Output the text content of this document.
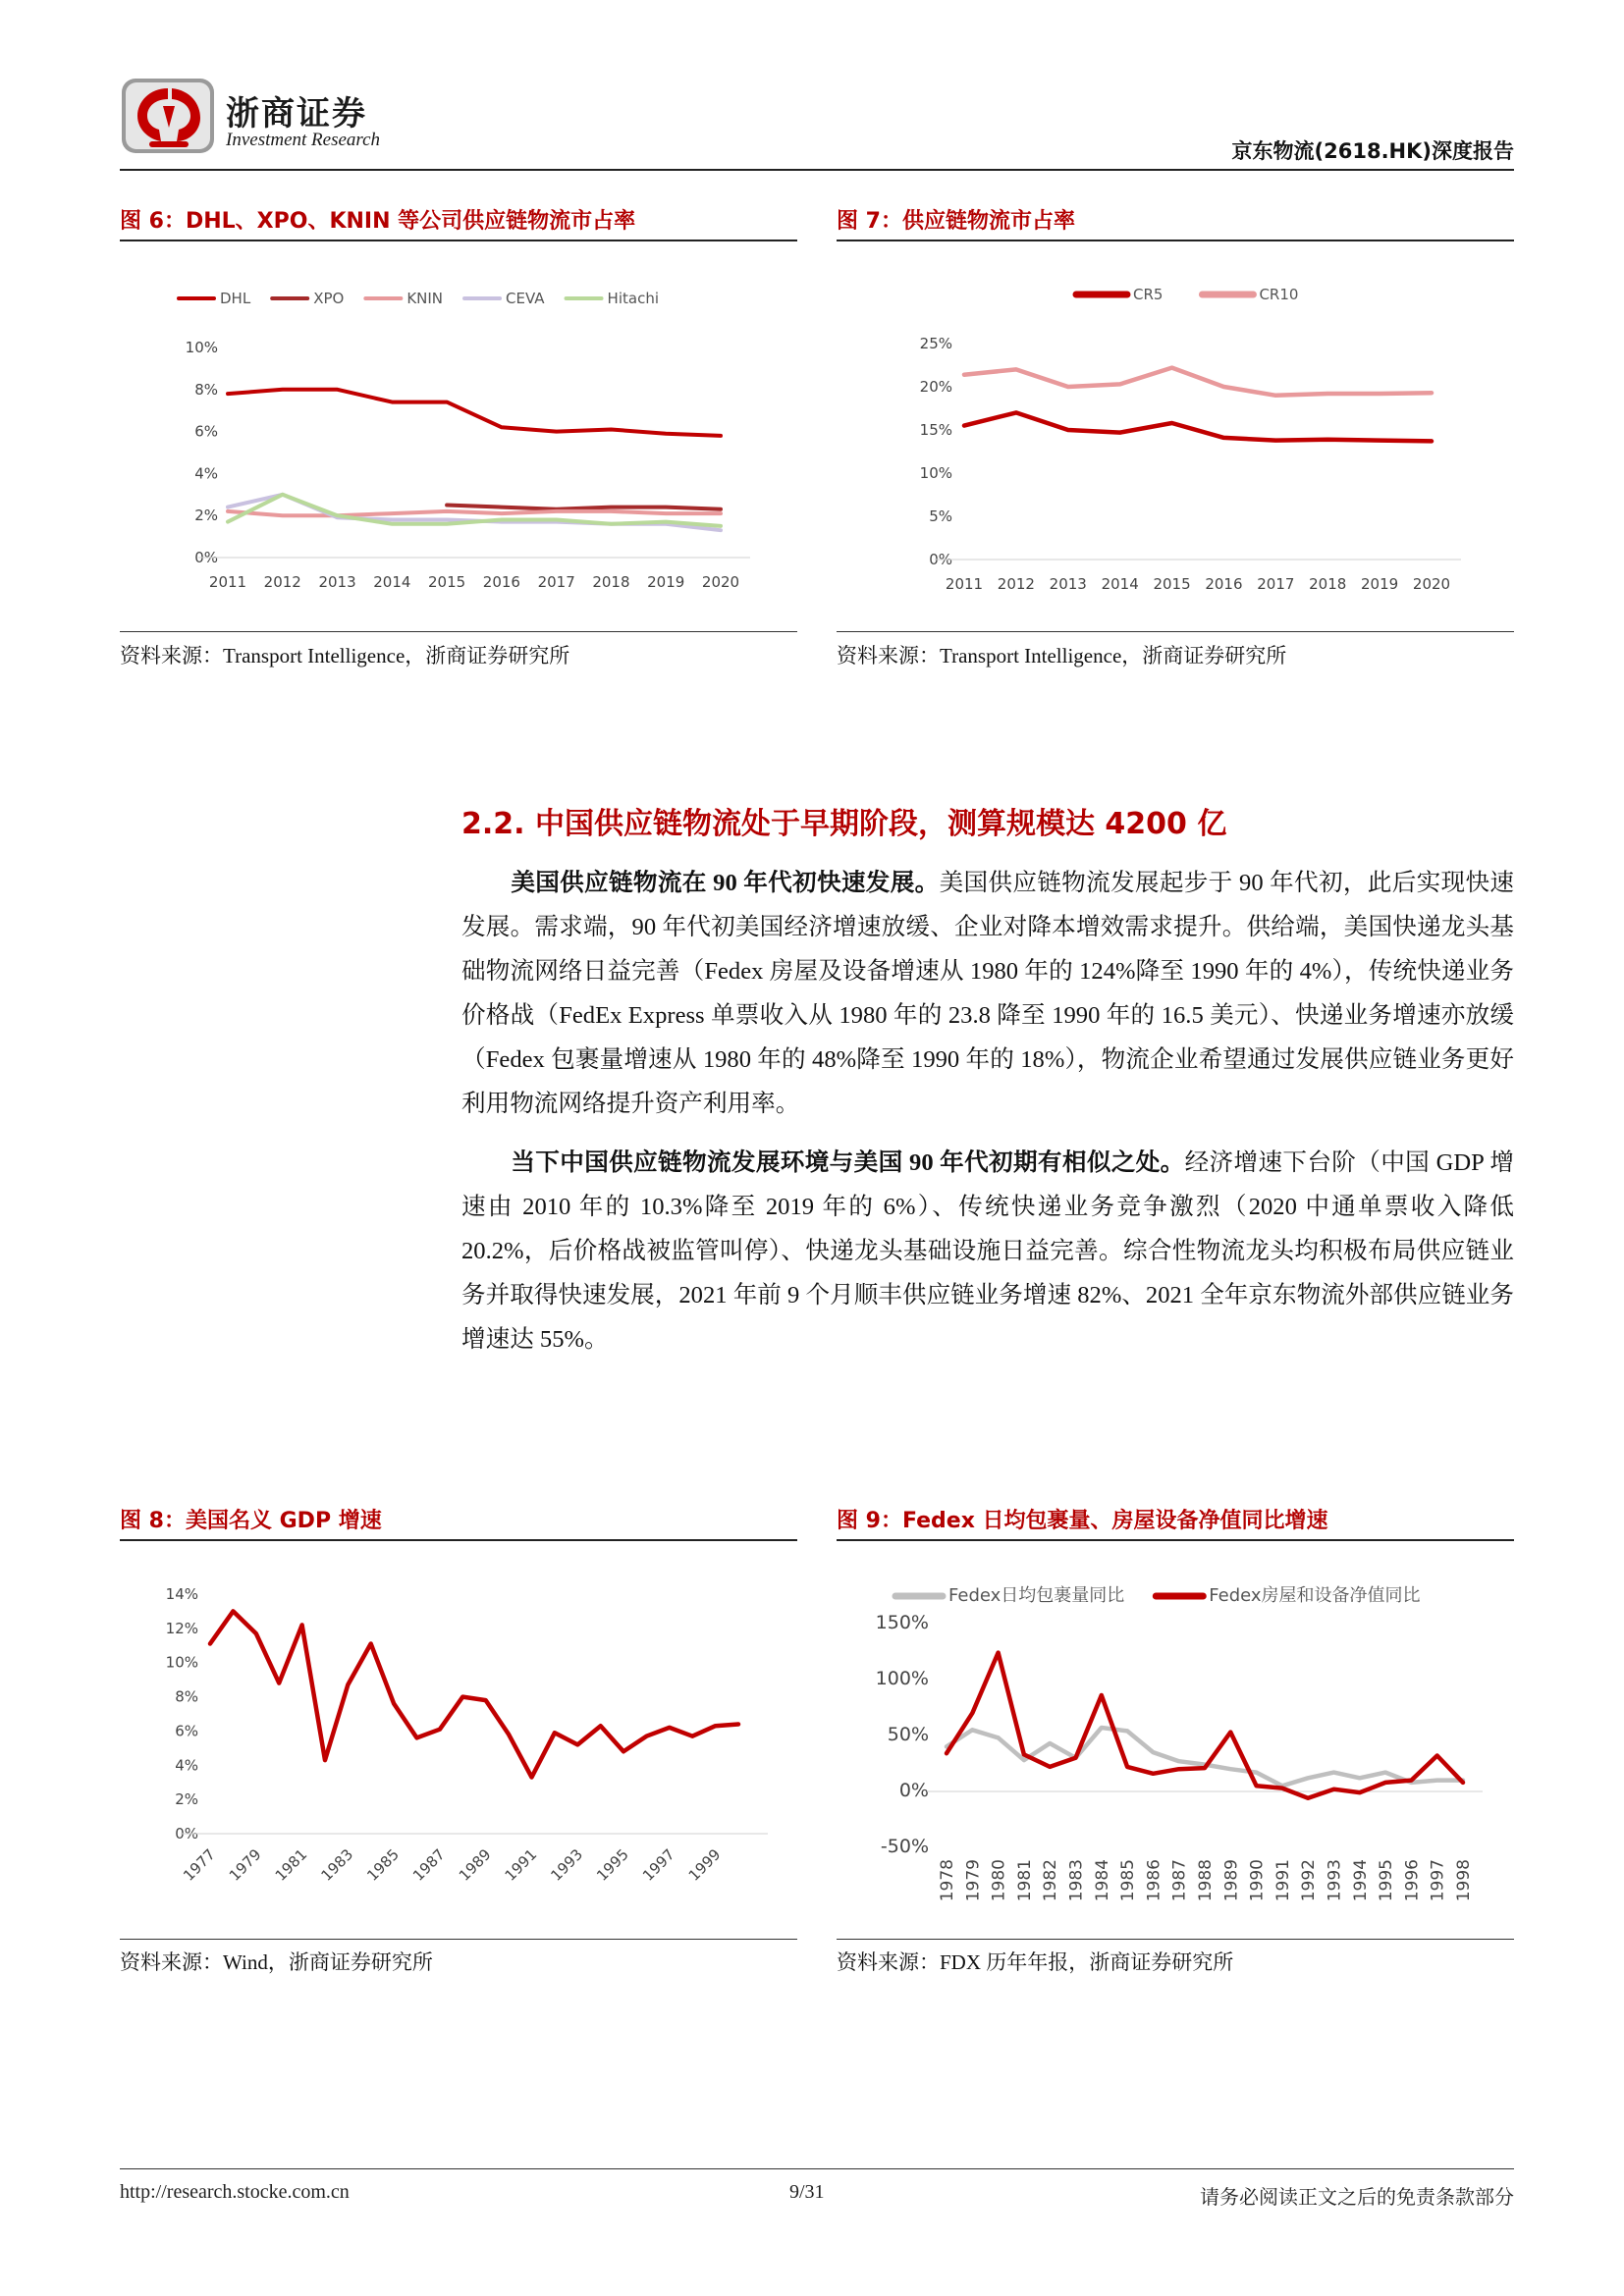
浙商证券
Investment Research	京东物流(2618.HK)深度报告
图 6：DHL、XPO、KNIN 等公司供应链物流市占率
0%
2%
4%
6%
8%
10%
2011 2012 2013 2014 2015 2016 2017 2018 2019 2020
DHL	XPO	KNIN	CEVA	Hitachi
资料来源：Transport Intelligence，浙商证券研究所
图 7：供应链物流市占率
0%
5%
10%
15%
20%
25%
2011 2012 2013 2014 2015 2016 2017 2018 2019 2020
CR5	CR10
资料来源：Transport Intelligence，浙商证券研究所
2.2. 中国供应链物流处于早期阶段，测算规模达 4200 亿
美国供应链物流在 90 年代初快速发展。美国供应链物流发展起步于 90 年代初，此后实现快速发展。需求端，90 年代初美国经济增速放缓、企业对降本增效需求提升。供给端，美国快递龙头基础物流网络日益完善（Fedex 房屋及设备增速从 1980 年的 124%降至 1990 年的 4%），传统快递业务价格战（FedEx Express 单票收入从 1980 年的 23.8 降至 1990 年的 16.5 美元）、快递业务增速亦放缓（Fedex 包裹量增速从 1980 年的 48%降至 1990 年的 18%），物流企业希望通过发展供应链业务更好利用物流网络提升资产利用率。
当下中国供应链物流发展环境与美国 90 年代初期有相似之处。经济增速下台阶（中国 GDP 增速由 2010 年的 10.3%降至 2019 年的 6%）、传统快递业务竞争激烈（2020 中通单票收入降低 20.2%，后价格战被监管叫停）、快递龙头基础设施日益完善。综合性物流龙头均积极布局供应链业务并取得快速发展，2021 年前 9 个月顺丰供应链业务增速 82%、2021 全年京东物流外部供应链业务增速达 55%。
图 8：美国名义 GDP 增速
0%
2%
4%
6%
8%
10%
12%
14%
1977 1979 1981 1983 1985 1987 1989 1991 1993 1995 1997 1999
资料来源：Wind，浙商证券研究所
图 9：Fedex 日均包裹量、房屋设备净值同比增速
-50%
0%
50%
100%
150%
1978 1979 1980 1981 1982 1983 1984 1985 1986 1987 1988 1989 1990 1991 1992 1993 1994 1995 1996 1997 1998
Fedex日均包裹量同比	Fedex房屋和设备净值同比
资料来源：FDX 历年年报，浙商证券研究所
http://research.stocke.com.cn	9/31	请务必阅读正文之后的免责条款部分
